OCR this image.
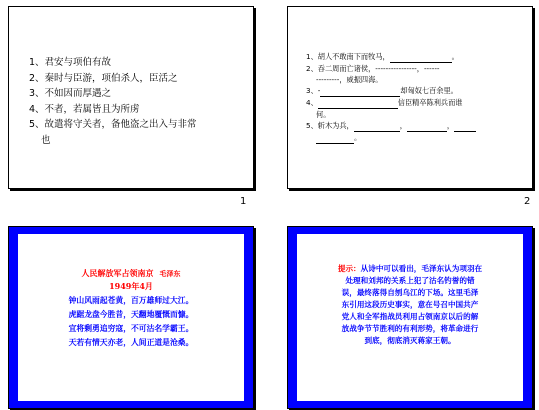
1、君安与项伯有故
2、秦时与臣游，项伯杀人，臣活之
3、不如因而厚遇之
4、不者，若属皆且为所虏
5、故遣将守关者，备他盗之出入与非常
也
1
1、胡人不敢南下而牧马，	。
2、吞二周而亡诸侯，----------------，------
---------，威振四海。
3、-	却匈奴七百余里。
4、	信臣精卒陈利兵而谁
何。
5、斩木为兵，	，	，
。
2
人民解放军占领南京 毛泽东
1949年4月
钟山风雨起苍黄，百万雄师过大江。
虎踞龙盘今胜昔，天翻地覆慨而慷。
宜将剩勇追穷寇，不可沽名学霸王。
天若有情天亦老，人间正道是沧桑。
提示：从诗中可以看出，毛泽东认为项羽在
处理和刘邦的关系上犯了沽名钓誉的错
误，最终落得自刎乌江的下场。这里毛泽
东引用这段历史事实，意在号召中国共产
党人和全军指战员利用占领南京以后的解
放战争节节胜利的有利形势，将革命进行
到底，彻底消灭蒋家王朝。
